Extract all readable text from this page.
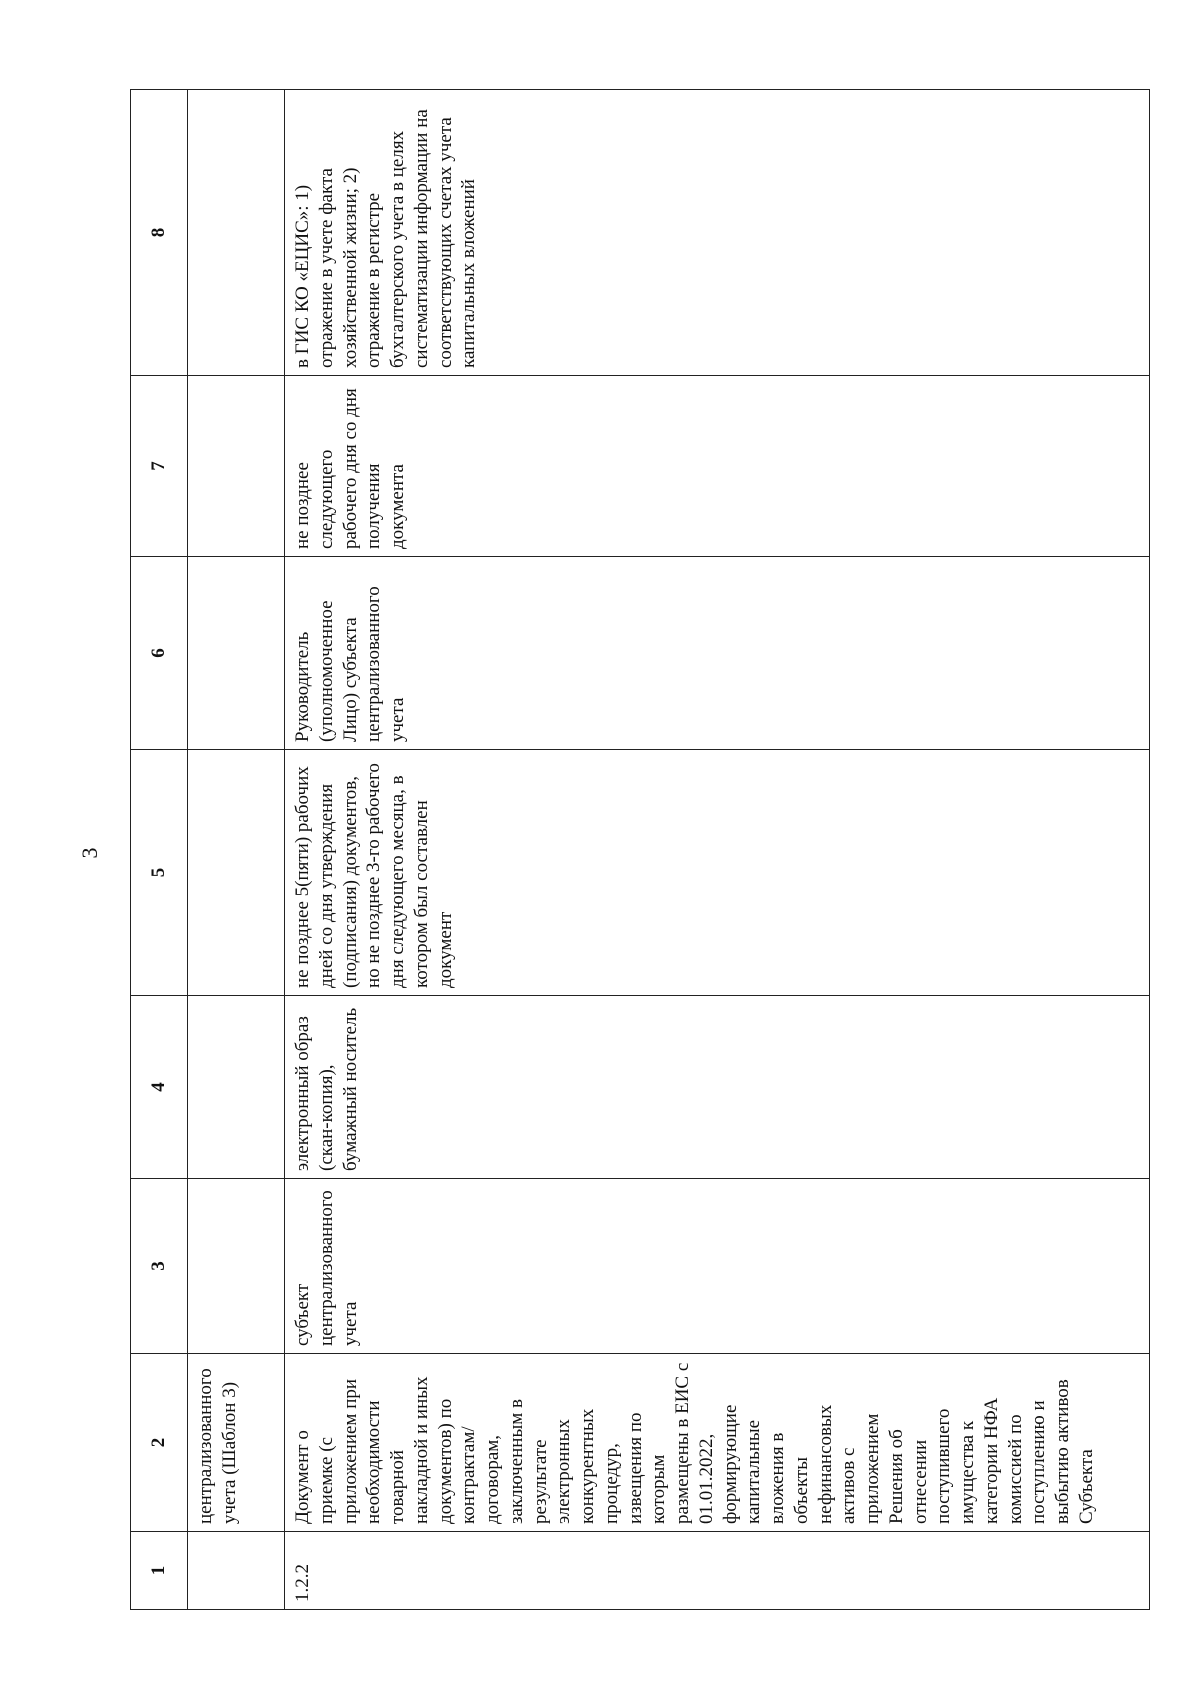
3
1	2	3	4	5	6	7	8
	централизованного учета (Шаблон 3)						
1.2.2	Документ о приемке (с приложением при необходимости товарной накладной и иных документов) по контрактам/ договорам, заключенным в результате электронных конкурентных процедур, извещения по которым размещены в ЕИС с 01.01.2022, формирующие капитальные вложения в объекты нефинансовых активов с приложением Решения об отнесении поступившего имущества к категории НФА комиссией по поступлению и выбытию активов Субъекта	субъект централизованного учета	электронный образ (скан-копия), бумажный носитель	не позднее 5(пяти) рабочих дней со дня утверждения (подписания) документов, но не позднее 3-го рабочего дня следующего месяца, в котором был составлен документ	Руководитель (уполномоченное Лицо) субъекта централизованного учета	не позднее следующего рабочего дня со дня получения документа	в ГИС КО «ЕЦИС»: 1) отражение в учете факта хозяйственной жизни; 2) отражение в регистре бухгалтерского учета в целях систематизации информации на соответствующих счетах учета капитальных вложений
